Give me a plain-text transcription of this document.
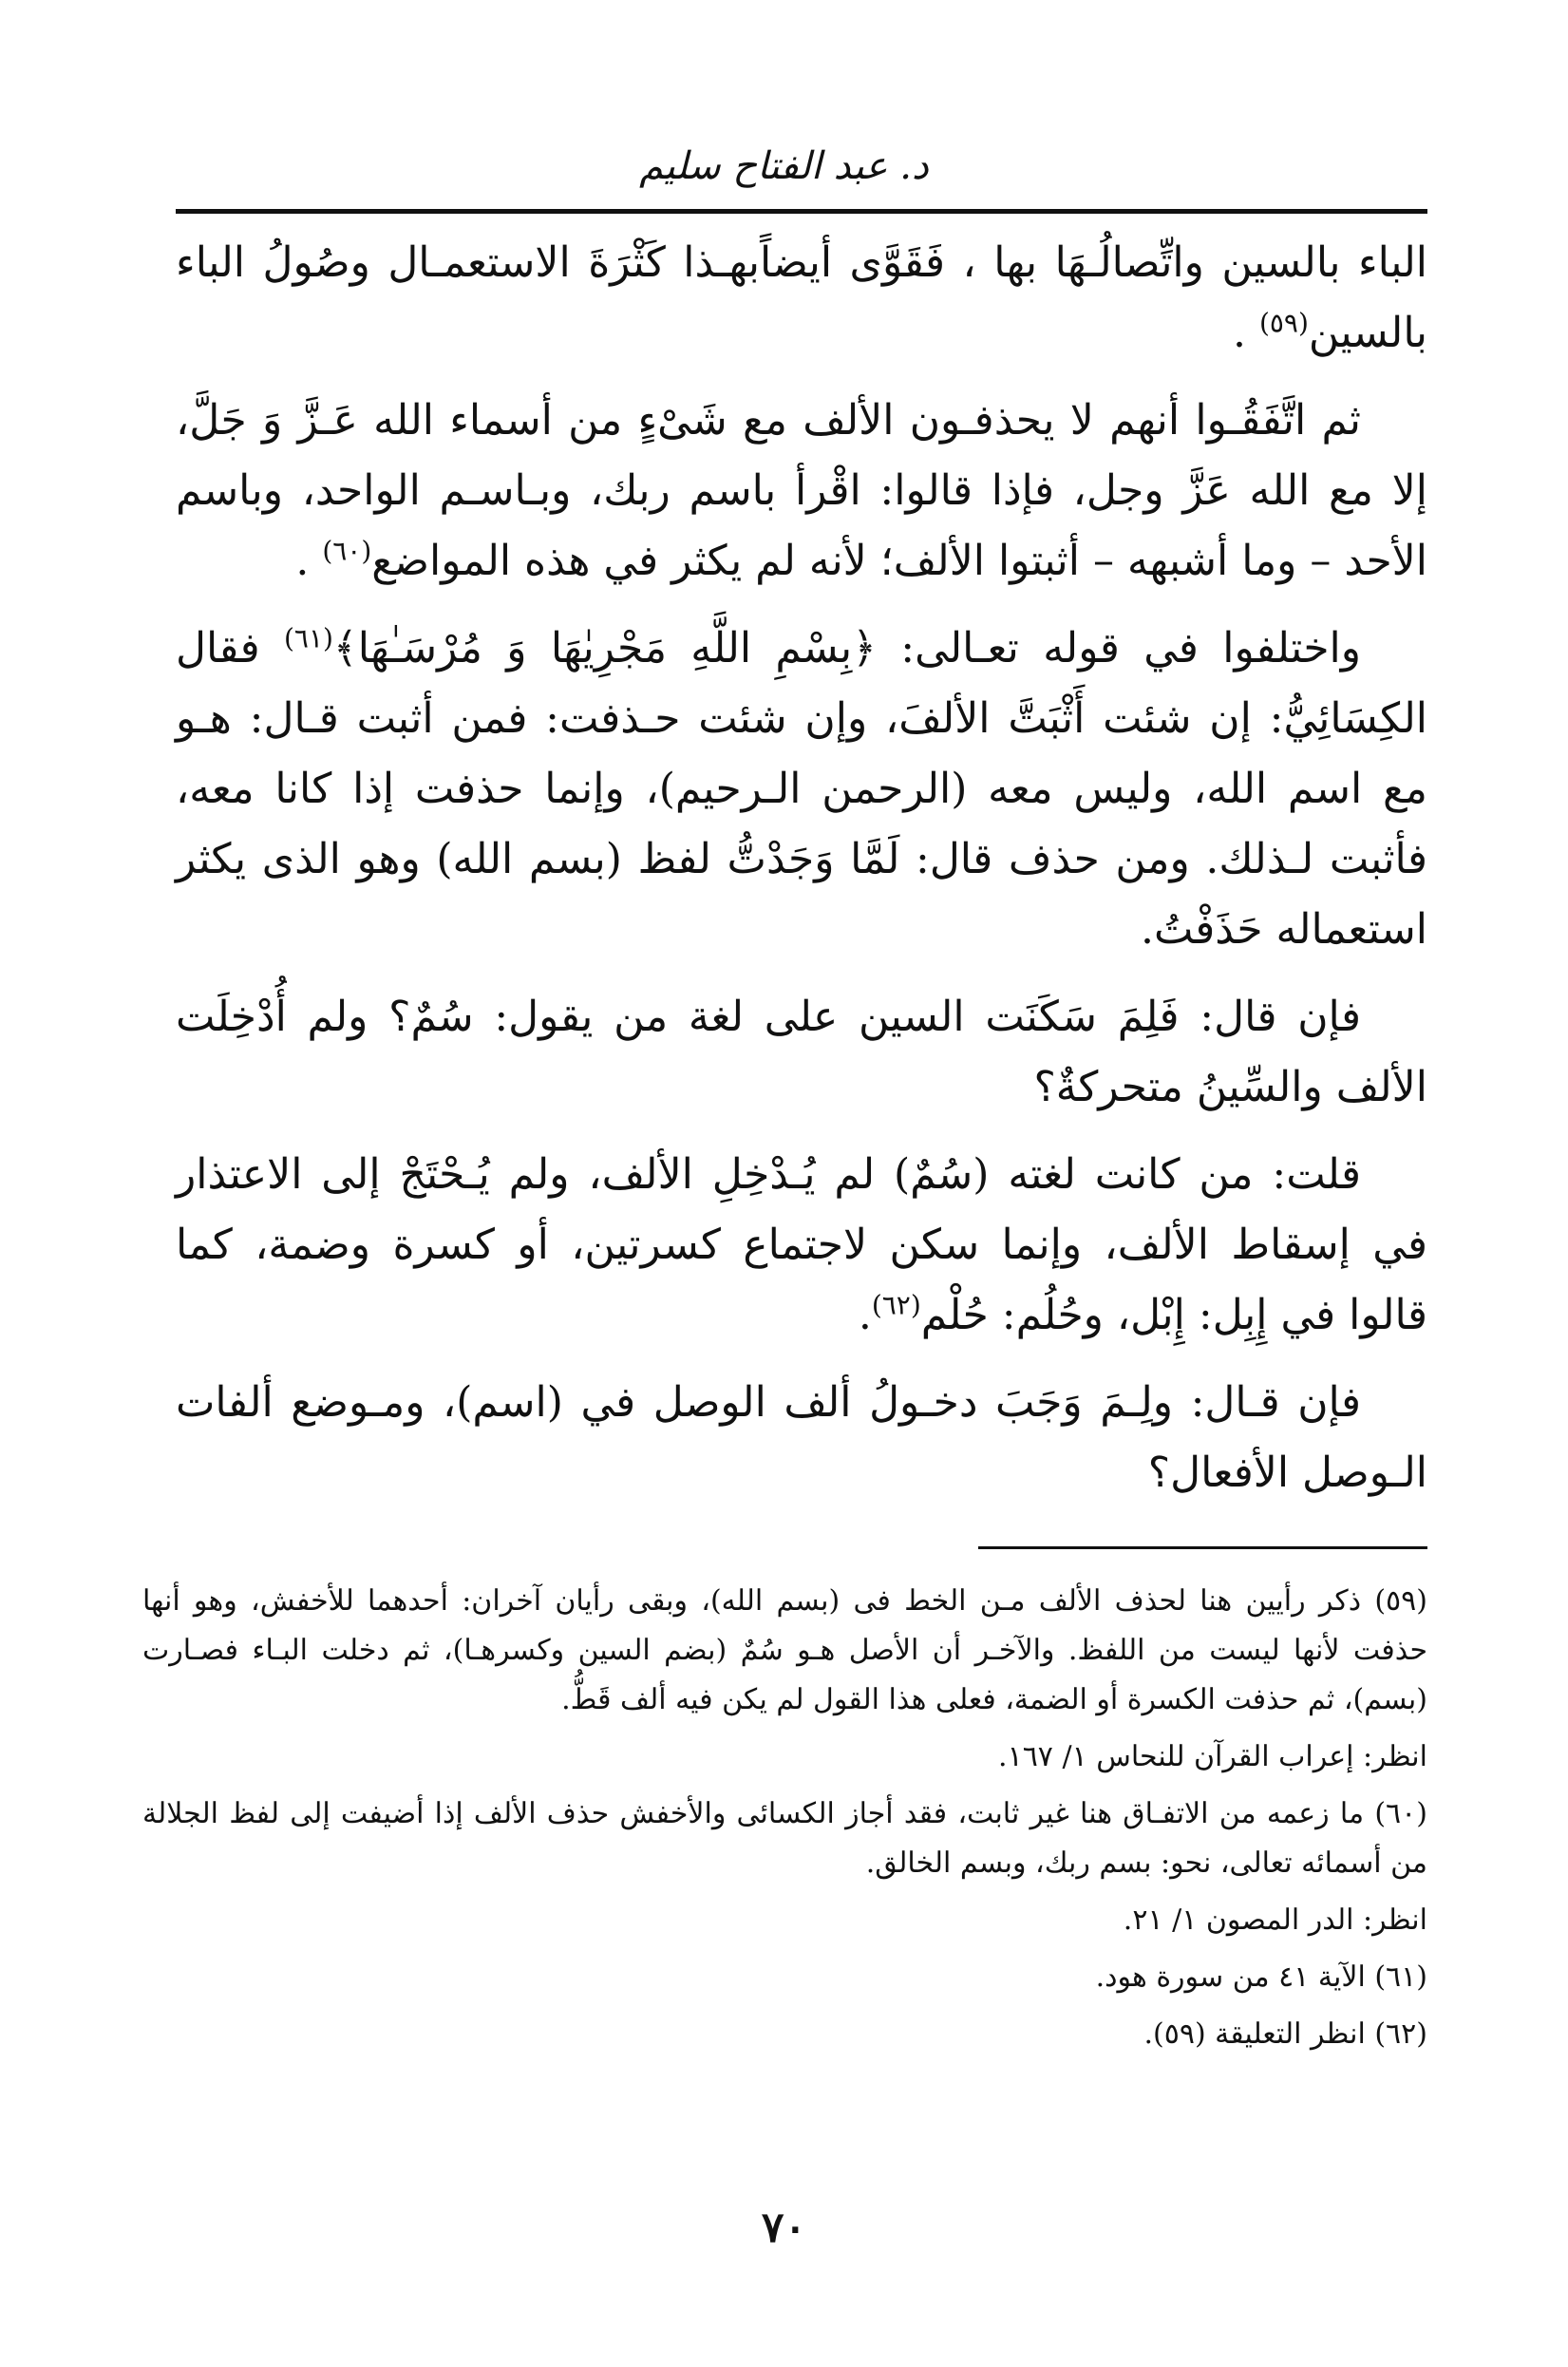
د. عبد الفتاح سليم

الباء بالسين واتِّصالُـهَا بها ، فَقَوَّى أيضاًبهـذا كَثْرَةَ الاستعمـال وصُولُ الباء بالسين$^{(٥٩)}$ .

ثم اتَّفَقُـوا أنهم لا يحذفـون الألف مع شَىْءٍ من أسماء الله عَـزَّ وَ جَلَّ، إلا مع الله عَزَّ وجل، فإذا قالوا: اقْرأ باسم ربك، وبـاسـم الواحد، وباسم الأحد – وما أشبهه – أثبتوا الألف؛ لأنه لم يكثر في هذه المواضع$^{(٦٠)}$ .

واختلفوا في قوله تعـالى: ﴿بِسْمِ اللَّهِ مَجْرِيٰهَا وَ مُرْسَـٰهَا﴾$^{(٦١)}$ فقال الكِسَائِيُّ: إن شئت أَثْبَتَّ الألفَ، وإن شئت حـذفت: فمن أثبت قـال: هـو مع اسم الله، وليس معه (الرحمن الـرحيم)، وإنما حذفت إذا كانا معه، فأثبت لـذلك. ومن حذف قال: لَمَّا وَجَدْتُّ لفظ (بسم الله) وهو الذى يكثر استعماله حَذَفْتُ.

فإن قال: فَلِمَ سَكَنَت السين على لغة من يقول: سُمٌ؟ ولم أُدْخِلَت الألف والسِّينُ متحركةٌ؟

قلت: من كانت لغته (سُمٌ) لم يُـدْخِلِ الألف، ولم يُـحْتَجْ إلى الاعتذار في إسقاط الألف، وإنما سكن لاجتماع كسرتين، أو كسرة وضمة، كما قالوا في إِبِل: إِبْل، وحُلُم: حُلْم$^{(٦٢)}$.

فإن قـال: ولِـمَ وَجَبَ دخـولُ ألف الوصل في (اسم)، ومـوضع ألفات الـوصل الأفعال؟

(٥٩) ذكر رأيين هنا لحذف الألف مـن الخط فى (بسم الله)، وبقى رأيان آخران: أحدهما للأخفش، وهو أنها حذفت لأنها ليست من اللفظ. والآخـر أن الأصل هـو سُمٌ (بضم السين وكسرهـا)، ثم دخلت البـاء فصـارت (بسم)، ثم حذفت الكسرة أو الضمة، فعلى هذا القول لم يكن فيه ألف قَطُّ.

انظر: إعراب القرآن للنحاس ١/ ١٦٧.

(٦٠) ما زعمه من الاتفـاق هنا غير ثابت، فقد أجاز الكسائى والأخفش حذف الألف إذا أضيفت إلى لفظ الجلالة من أسمائه تعالى، نحو: بسم ربك، وبسم الخالق.

انظر: الدر المصون ١/ ٢١.

(٦١) الآية ٤١ من سورة هود.

(٦٢) انظر التعليقة (٥٩).

٧٠
